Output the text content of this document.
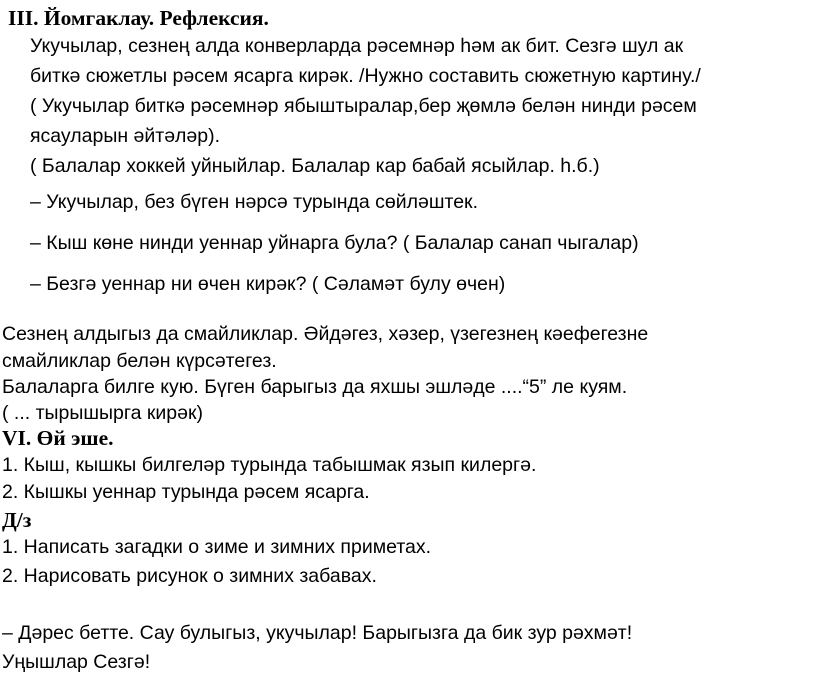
III. Йомгаклау. Рефлексия.
Укучылар, сезнең алда конверларда рәсемнәр һәм ак бит. Сезгә шул ак
биткә сюжетлы рәсем ясарга кирәк. /Нужно составить сюжетную картину./
( Укучылар биткә рәсемнәр ябыштыралар,бер җөмлә белән нинди рәсем
ясауларын әйтәләр).
( Балалар хоккей уйныйлар. Балалар кар бабай ясыйлар. һ.б.)
– Укучылар, без бүген нәрсә турында сөйләштек.
– Кыш көне нинди уеннар уйнарга була? ( Балалар санап чыгалар)
– Безгә уеннар ни өчен кирәк? ( Сәламәт булу өчен)
Сезнең алдыгыз да смайликлар. Әйдәгез, хәзер, үзегезнең кәефегезне
смайликлар белән күрсәтегез.
Балаларга билге кую. Бүген барыгыз да яхшы эшләде ....“5” ле куям.
( ... тырышырга кирәк)
VI. Өй эше.
1. Кыш, кышкы билгеләр турында табышмак язып килергә.
2. Кышкы уеннар турында рәсем ясарга.
Д/з
1. Написать загадки о зиме и зимних приметах.
2. Нарисовать рисунок о зимних забавах.
– Дәрес бетте. Сау булыгыз, укучылар! Барыгызга да бик зур рәхмәт!
Уңышлар Сезгә!
